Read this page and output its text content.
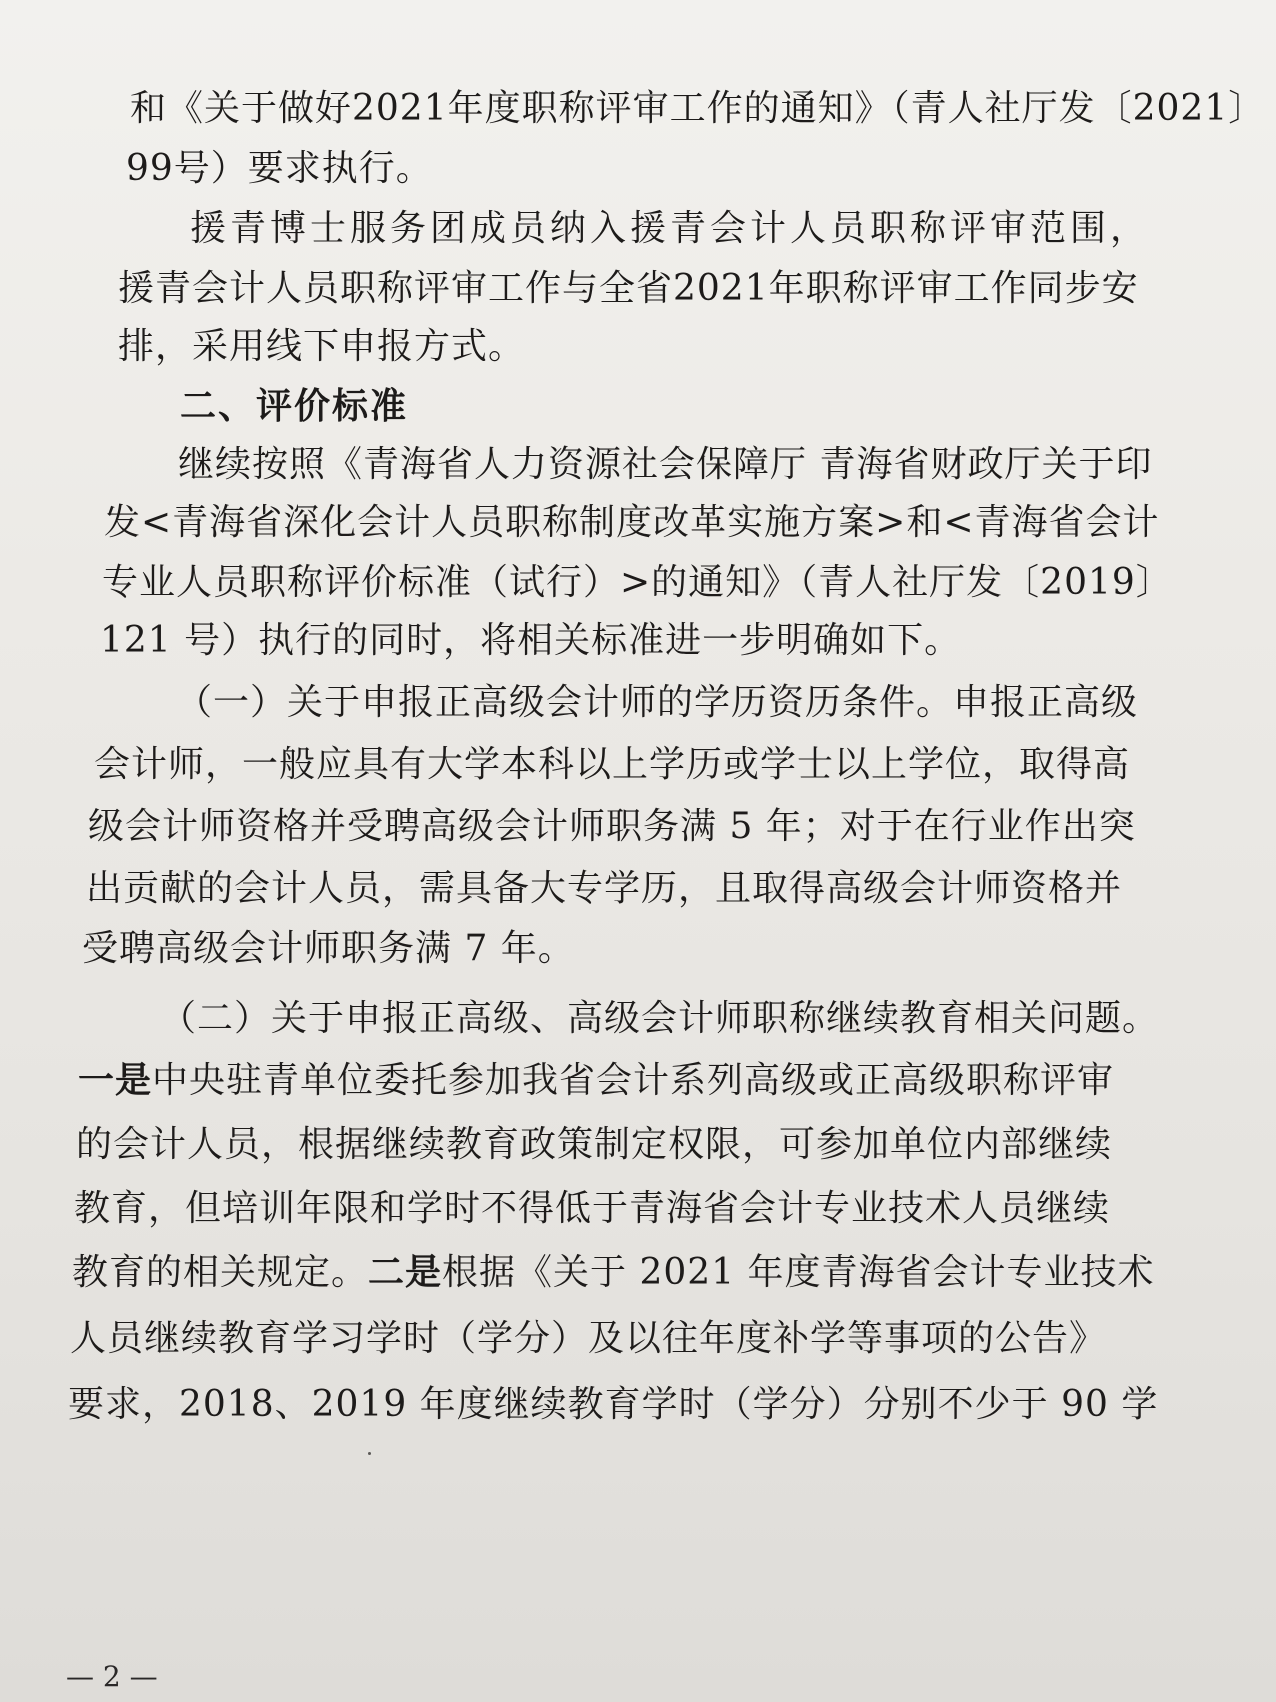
和《关于做好2021年度职称评审工作的通知》（青人社厅发〔2021〕
99号）要求执行。
援青博士服务团成员纳入援青会计人员职称评审范围，
援青会计人员职称评审工作与全省2021年职称评审工作同步安
排，采用线下申报方式。
二、评价标准
继续按照《青海省人力资源社会保障厅 青海省财政厅关于印
发<青海省深化会计人员职称制度改革实施方案>和<青海省会计
专业人员职称评价标准（试行）>的通知》（青人社厅发〔2019〕
121 号）执行的同时，将相关标准进一步明确如下。
（一）关于申报正高级会计师的学历资历条件。申报正高级
会计师，一般应具有大学本科以上学历或学士以上学位，取得高
级会计师资格并受聘高级会计师职务满 5 年；对于在行业作出突
出贡献的会计人员，需具备大专学历，且取得高级会计师资格并
受聘高级会计师职务满 7 年。
（二）关于申报正高级、高级会计师职称继续教育相关问题。
一是中央驻青单位委托参加我省会计系列高级或正高级职称评审
的会计人员，根据继续教育政策制定权限，可参加单位内部继续
教育，但培训年限和学时不得低于青海省会计专业技术人员继续
教育的相关规定。二是根据《关于 2021 年度青海省会计专业技术
人员继续教育学习学时（学分）及以往年度补学等事项的公告》
要求，2018、2019 年度继续教育学时（学分）分别不少于 90 学
— 2 —
